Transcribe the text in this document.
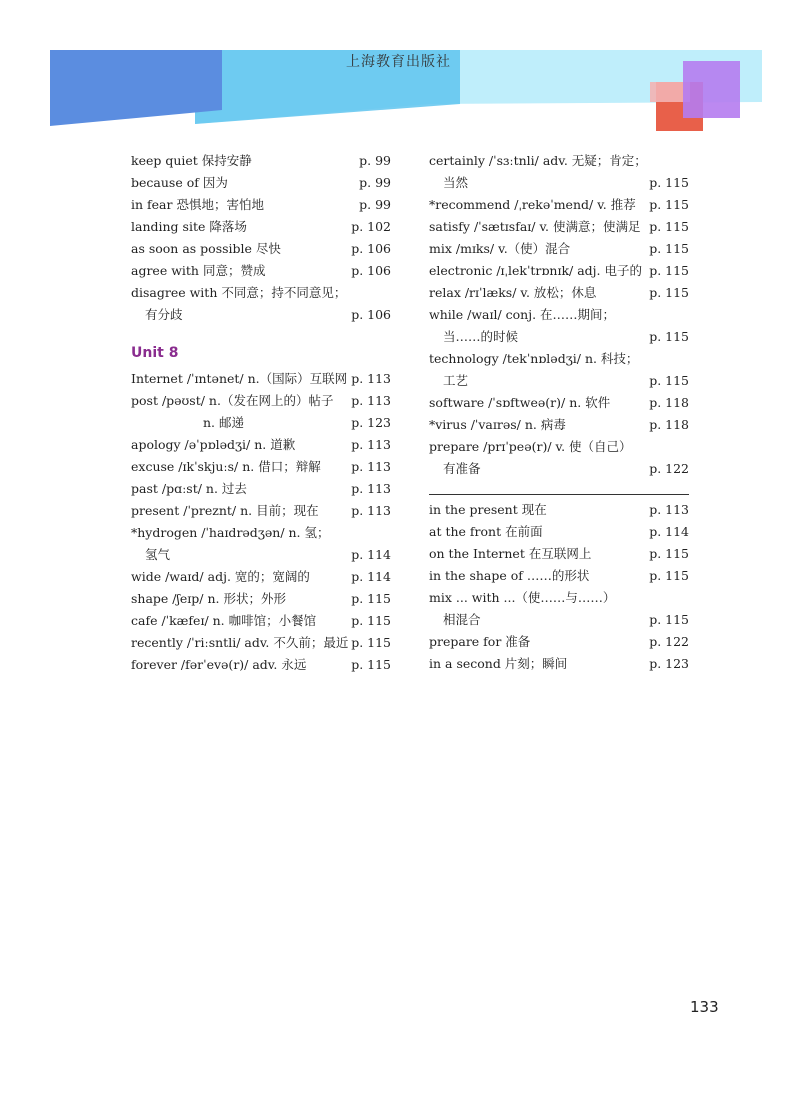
上海教育出版社
keep quiet 保持安静	p. 99
because of 因为	p. 99
in fear 恐惧地；害怕地	p. 99
landing site 降落场	p. 102
as soon as possible 尽快	p. 106
agree with 同意；赞成	p. 106
disagree with 不同意；持不同意见；
有分歧	p. 106
Unit 8
Internet /ˈɪntənet/ n.（国际）互联网 p. 113
post /pəʊst/ n.（发在网上的）帖子 p. 113
n. 邮递	p. 123
apology /əˈpɒlədʒi/ n. 道歉	p. 113
excuse /ɪkˈskjuːs/ n. 借口；辩解 p. 113
past /pɑːst/ n. 过去	p. 113
present /ˈpreznt/ n. 目前；现在	p. 113
*hydrogen /ˈhaɪdrədʒən/ n. 氢；
氢气	p. 114
wide /waɪd/ adj. 宽的；宽阔的	p. 114
shape /ʃeɪp/ n. 形状；外形	p. 115
cafe /ˈkæfeɪ/ n. 咖啡馆；小餐馆	p. 115
recently /ˈriːsntli/ adv. 不久前；最近 p. 115
forever /fərˈevə(r)/ adv. 永远	p. 115
certainly /ˈsɜːtnli/ adv. 无疑；肯定；
当然	p. 115
*recommend /ˌrekəˈmend/ v. 推荐 p. 115
satisfy /ˈsætɪsfaɪ/ v. 使满意；使满足 p. 115
mix /mɪks/ v.（使）混合	p. 115
electronic /ɪˌlekˈtrɒnɪk/ adj. 电子的 p. 115
relax /rɪˈlæks/ v. 放松；休息	p. 115
while /waɪl/ conj. 在……期间；
当……的时候	p. 115
technology /tekˈnɒlədʒi/ n. 科技；
工艺	p. 115
software /ˈsɒftweə(r)/ n. 软件	p. 118
*virus /ˈvaɪrəs/ n. 病毒	p. 118
prepare /prɪˈpeə(r)/ v. 使（自己）
有准备	p. 122
in the present 现在	p. 113
at the front 在前面	p. 114
on the Internet 在互联网上	p. 115
in the shape of ……的形状	p. 115
mix ... with ...（使……与……）
相混合	p. 115
prepare for 准备	p. 122
in a second 片刻；瞬间	p. 123
133
